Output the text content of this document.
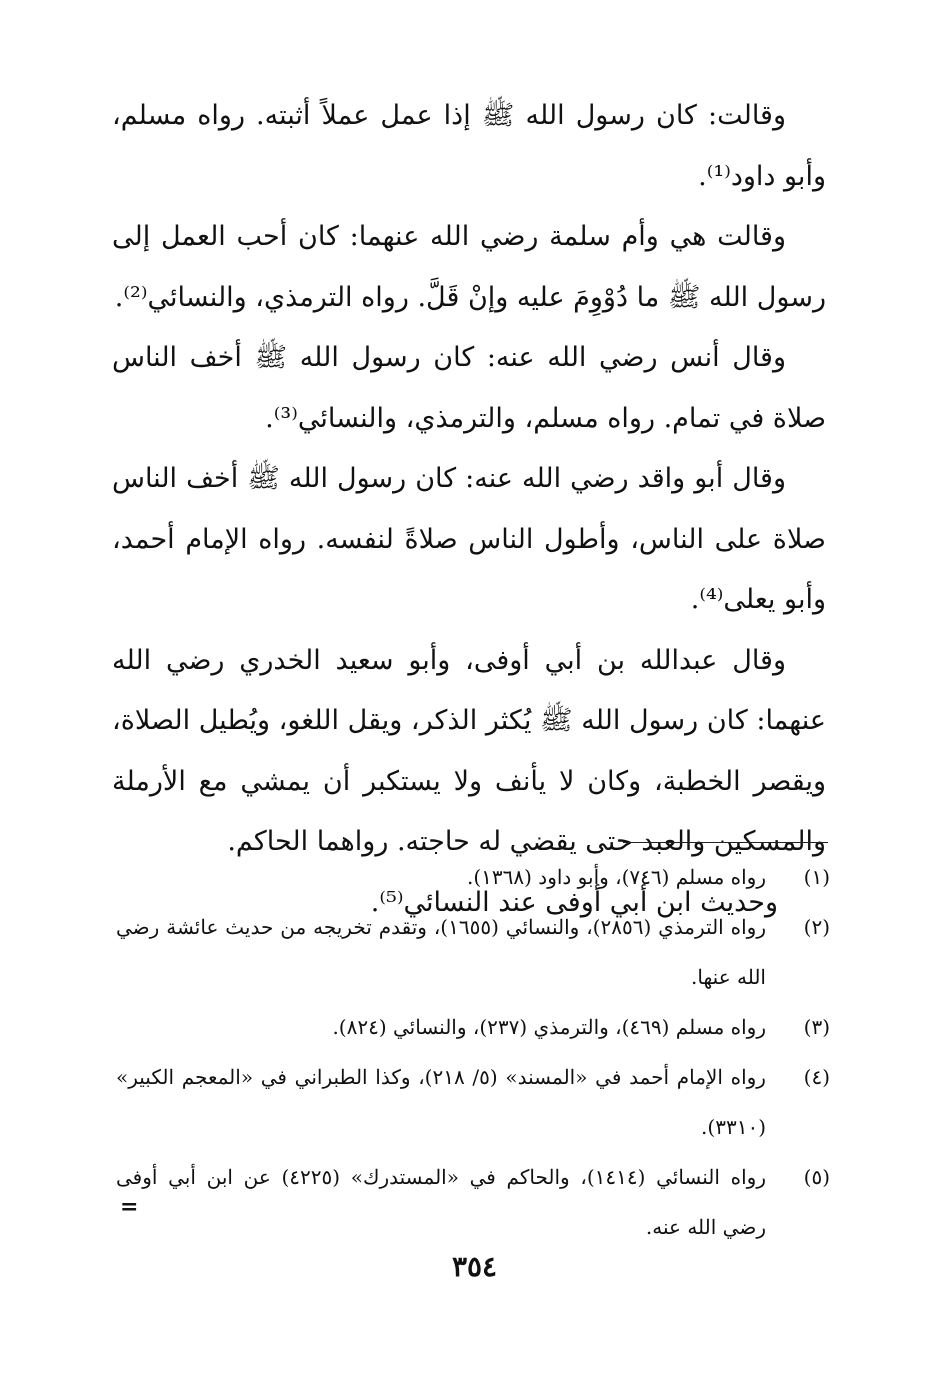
وقالت: كان رسول الله ﷺ إذا عمل عملاً أثبته. رواه مسلم، وأبو داود⁽¹⁾.

وقالت هي وأم سلمة رضي الله عنهما: كان أحب العمل إلى رسول الله ﷺ ما دُوْوِمَ عليه وإنْ قَلَّ. رواه الترمذي، والنسائي⁽²⁾.

وقال أنس رضي الله عنه: كان رسول الله ﷺ أخف الناس صلاة في تمام. رواه مسلم، والترمذي، والنسائي⁽³⁾.

وقال أبو واقد رضي الله عنه: كان رسول الله ﷺ أخف الناس صلاة على الناس، وأطول الناس صلاةً لنفسه. رواه الإمام أحمد، وأبو يعلى⁽⁴⁾.

وقال عبدالله بن أبي أوفى، وأبو سعيد الخدري رضي الله عنهما: كان رسول الله ﷺ يُكثر الذكر، ويقل اللغو، ويُطيل الصلاة، ويقصر الخطبة، وكان لا يأنف ولا يستكبر أن يمشي مع الأرملة والمسكين والعبد حتى يقضي له حاجته. رواهما الحاكم.

وحديث ابن أبي أوفى عند النسائي⁽⁵⁾.

(١)
رواه مسلم (٧٤٦)، وأبو داود (١٣٦٨).
(٢)
رواه الترمذي (٢٨٥٦)، والنسائي (١٦٥٥)، وتقدم تخريجه من حديث عائشة رضي الله عنها.
(٣)
رواه مسلم (٤٦٩)، والترمذي (٢٣٧)، والنسائي (٨٢٤).
(٤)
رواه الإمام أحمد في «المسند» (٥/ ٢١٨)، وكذا الطبراني في «المعجم الكبير» (٣٣١٠).
(٥)
رواه النسائي (١٤١٤)، والحاكم في «المستدرك» (٤٢٢٥) عن ابن أبي أوفى رضي الله عنه.
=
٣٥٤
